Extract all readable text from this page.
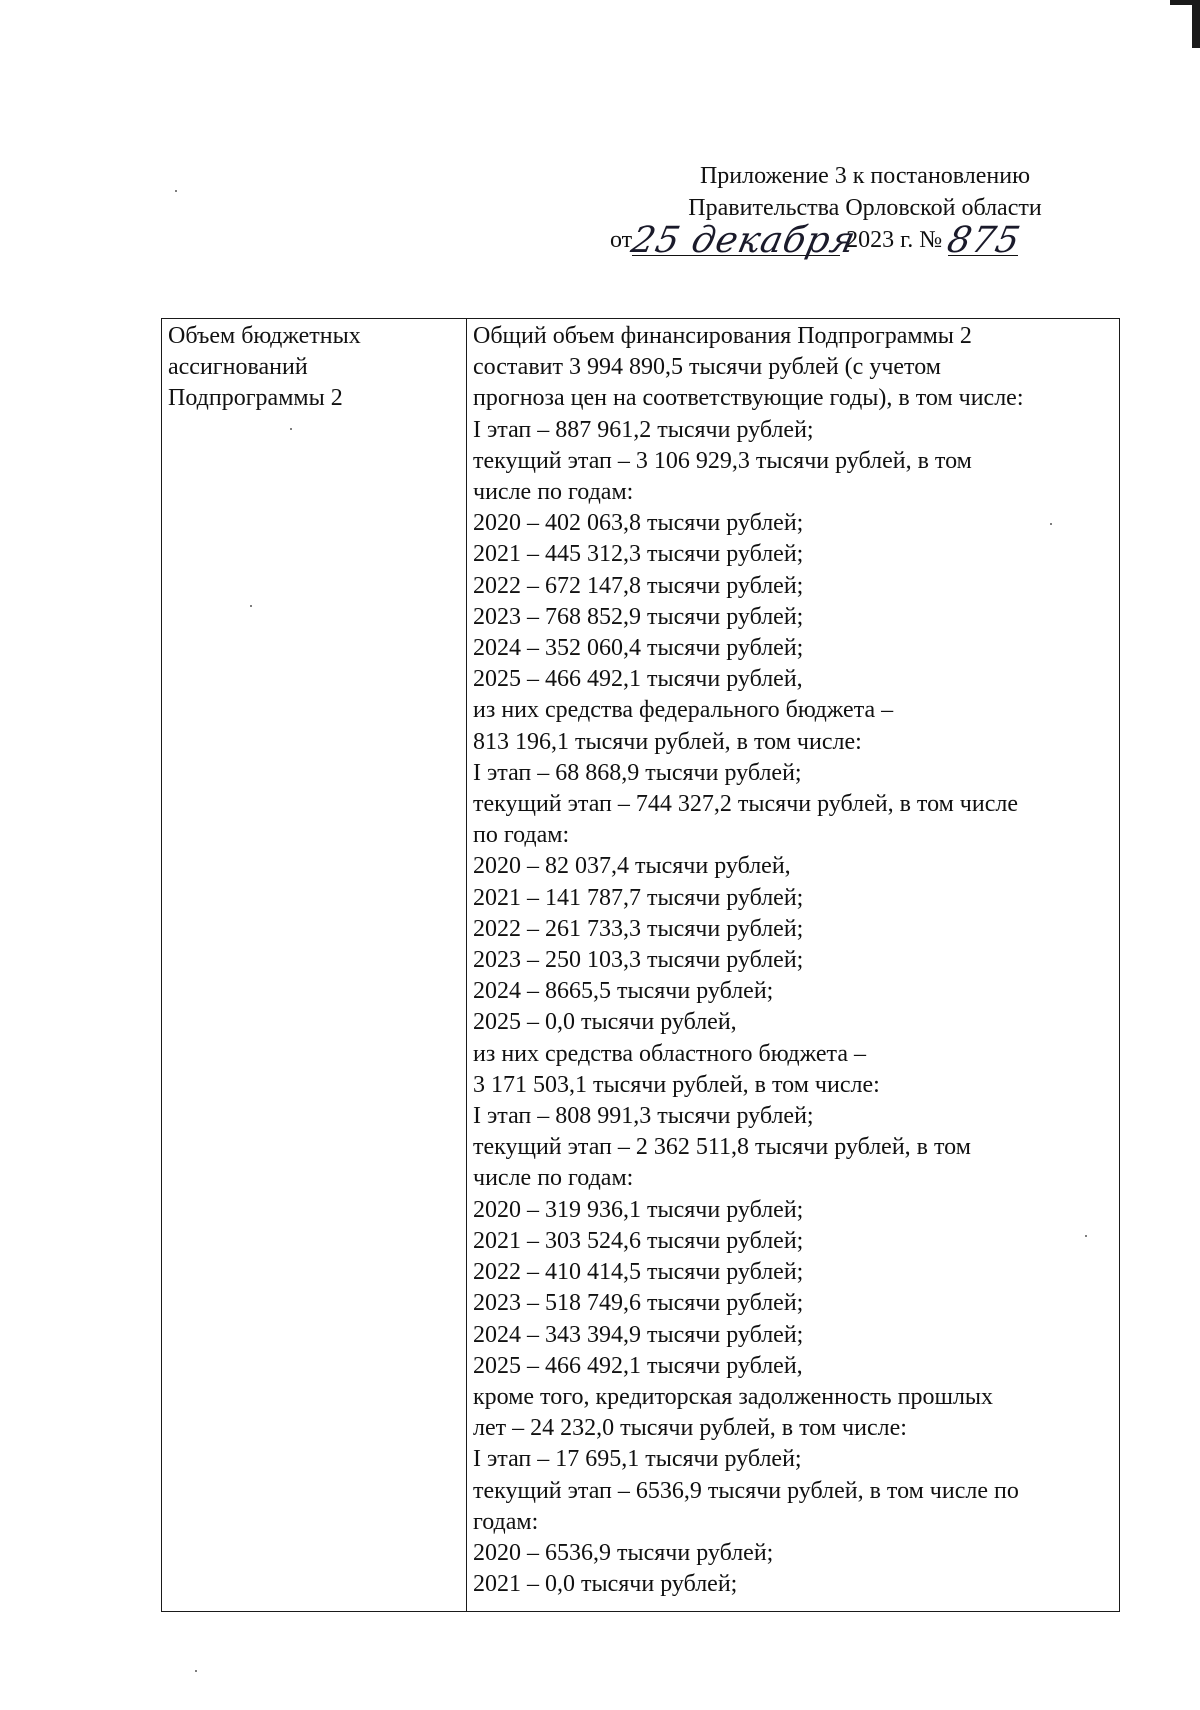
Приложение 3 к постановлению
Правительства Орловской области
от25 декабря 2023 г. № 875
Объем бюджетных
ассигнований
Подпрограммы 2

Общий объем финансирования Подпрограммы 2
составит 3 994 890,5 тысячи рублей (с учетом
прогноза цен на соответствующие годы), в том числе:
I этап – 887 961,2 тысячи рублей;
текущий этап – 3 106 929,3 тысячи рублей, в том
числе по годам:
2020 – 402 063,8 тысячи рублей;
2021 – 445 312,3 тысячи рублей;
2022 – 672 147,8 тысячи рублей;
2023 – 768 852,9 тысячи рублей;
2024 – 352 060,4 тысячи рублей;
2025 – 466 492,1 тысячи рублей,
из них средства федерального бюджета –
813 196,1 тысячи рублей, в том числе:
I этап – 68 868,9 тысячи рублей;
текущий этап – 744 327,2 тысячи рублей, в том числе
по годам:
2020 – 82 037,4 тысячи рублей,
2021 – 141 787,7 тысячи рублей;
2022 – 261 733,3 тысячи рублей;
2023 – 250 103,3 тысячи рублей;
2024 – 8665,5 тысячи рублей;
2025 – 0,0 тысячи рублей,
из них средства областного бюджета –
3 171 503,1 тысячи рублей, в том числе:
I этап – 808 991,3 тысячи рублей;
текущий этап – 2 362 511,8 тысячи рублей, в том
числе по годам:
2020 – 319 936,1 тысячи рублей;
2021 – 303 524,6 тысячи рублей;
2022 – 410 414,5 тысячи рублей;
2023 – 518 749,6 тысячи рублей;
2024 – 343 394,9 тысячи рублей;
2025 – 466 492,1 тысячи рублей,
кроме того, кредиторская задолженность прошлых
лет – 24 232,0 тысячи рублей, в том числе:
I этап – 17 695,1 тысячи рублей;
текущий этап – 6536,9 тысячи рублей, в том числе по
годам:
2020 – 6536,9 тысячи рублей;
2021 – 0,0 тысячи рублей;
